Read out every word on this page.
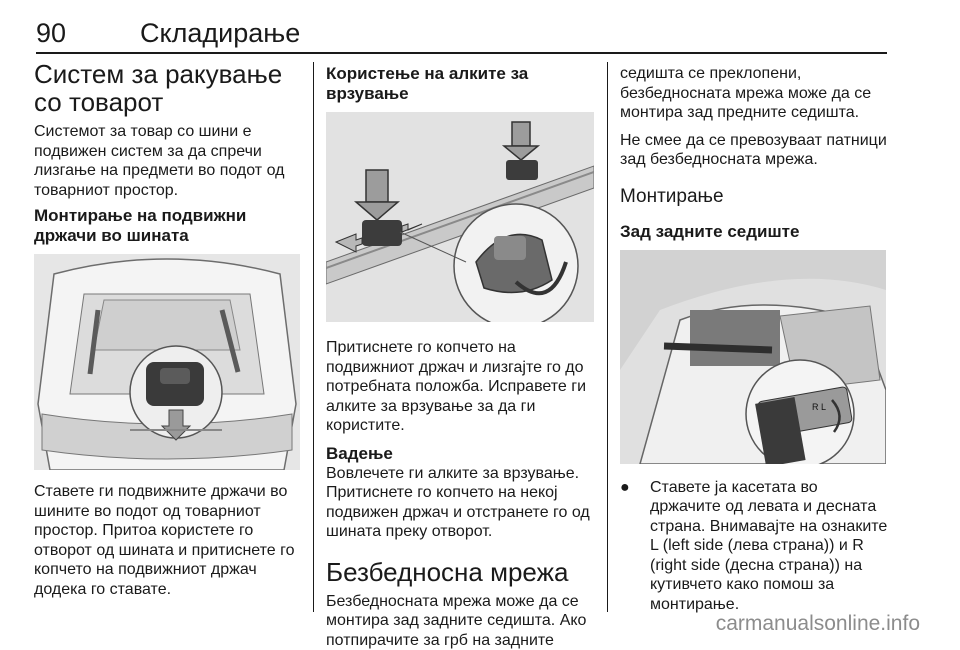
90	Складирање
Систем за ракување со товарот

Системот за товар со шини е подвижен систем за да спречи лизгање на предмети во подот од товарниот простор.

Монтирање на подвижни држачи во шината

Ставете ги подвижните држачи во шините во подот од товарниот простор. Притоа користете го отворот од шината и притиснете го копчето на подвижниот држач додека го ставате.

Користење на алките за врзување

Притиснете го копчето на подвижниот држач и лизгајте го до потребната положба. Исправете ги алките за врзување за да ги користите.

Вадење

Вовлечете ги алките за врзување. Притиснете го копчето на некој подвижен држач и отстранете го од шината преку отворот.

Безбедносна мрежа

Безбедносната мрежа може да се монтира зад задните седишта. Ако потпирачите за грб на задните

седишта се преклопени, безбедносната мрежа може да се монтира зад предните седишта.

Не смее да се превозуваат патници зад безбедносната мрежа.

Монтирање
Зад задните седиште
R L
●	Ставете ја касетата во држачите од левата и десната страна. Внимавајте на ознаките L (left side (лева страна)) и R (right side (десна страна)) на кутивчето како помош за монтирање.
carmanualsonline.info
